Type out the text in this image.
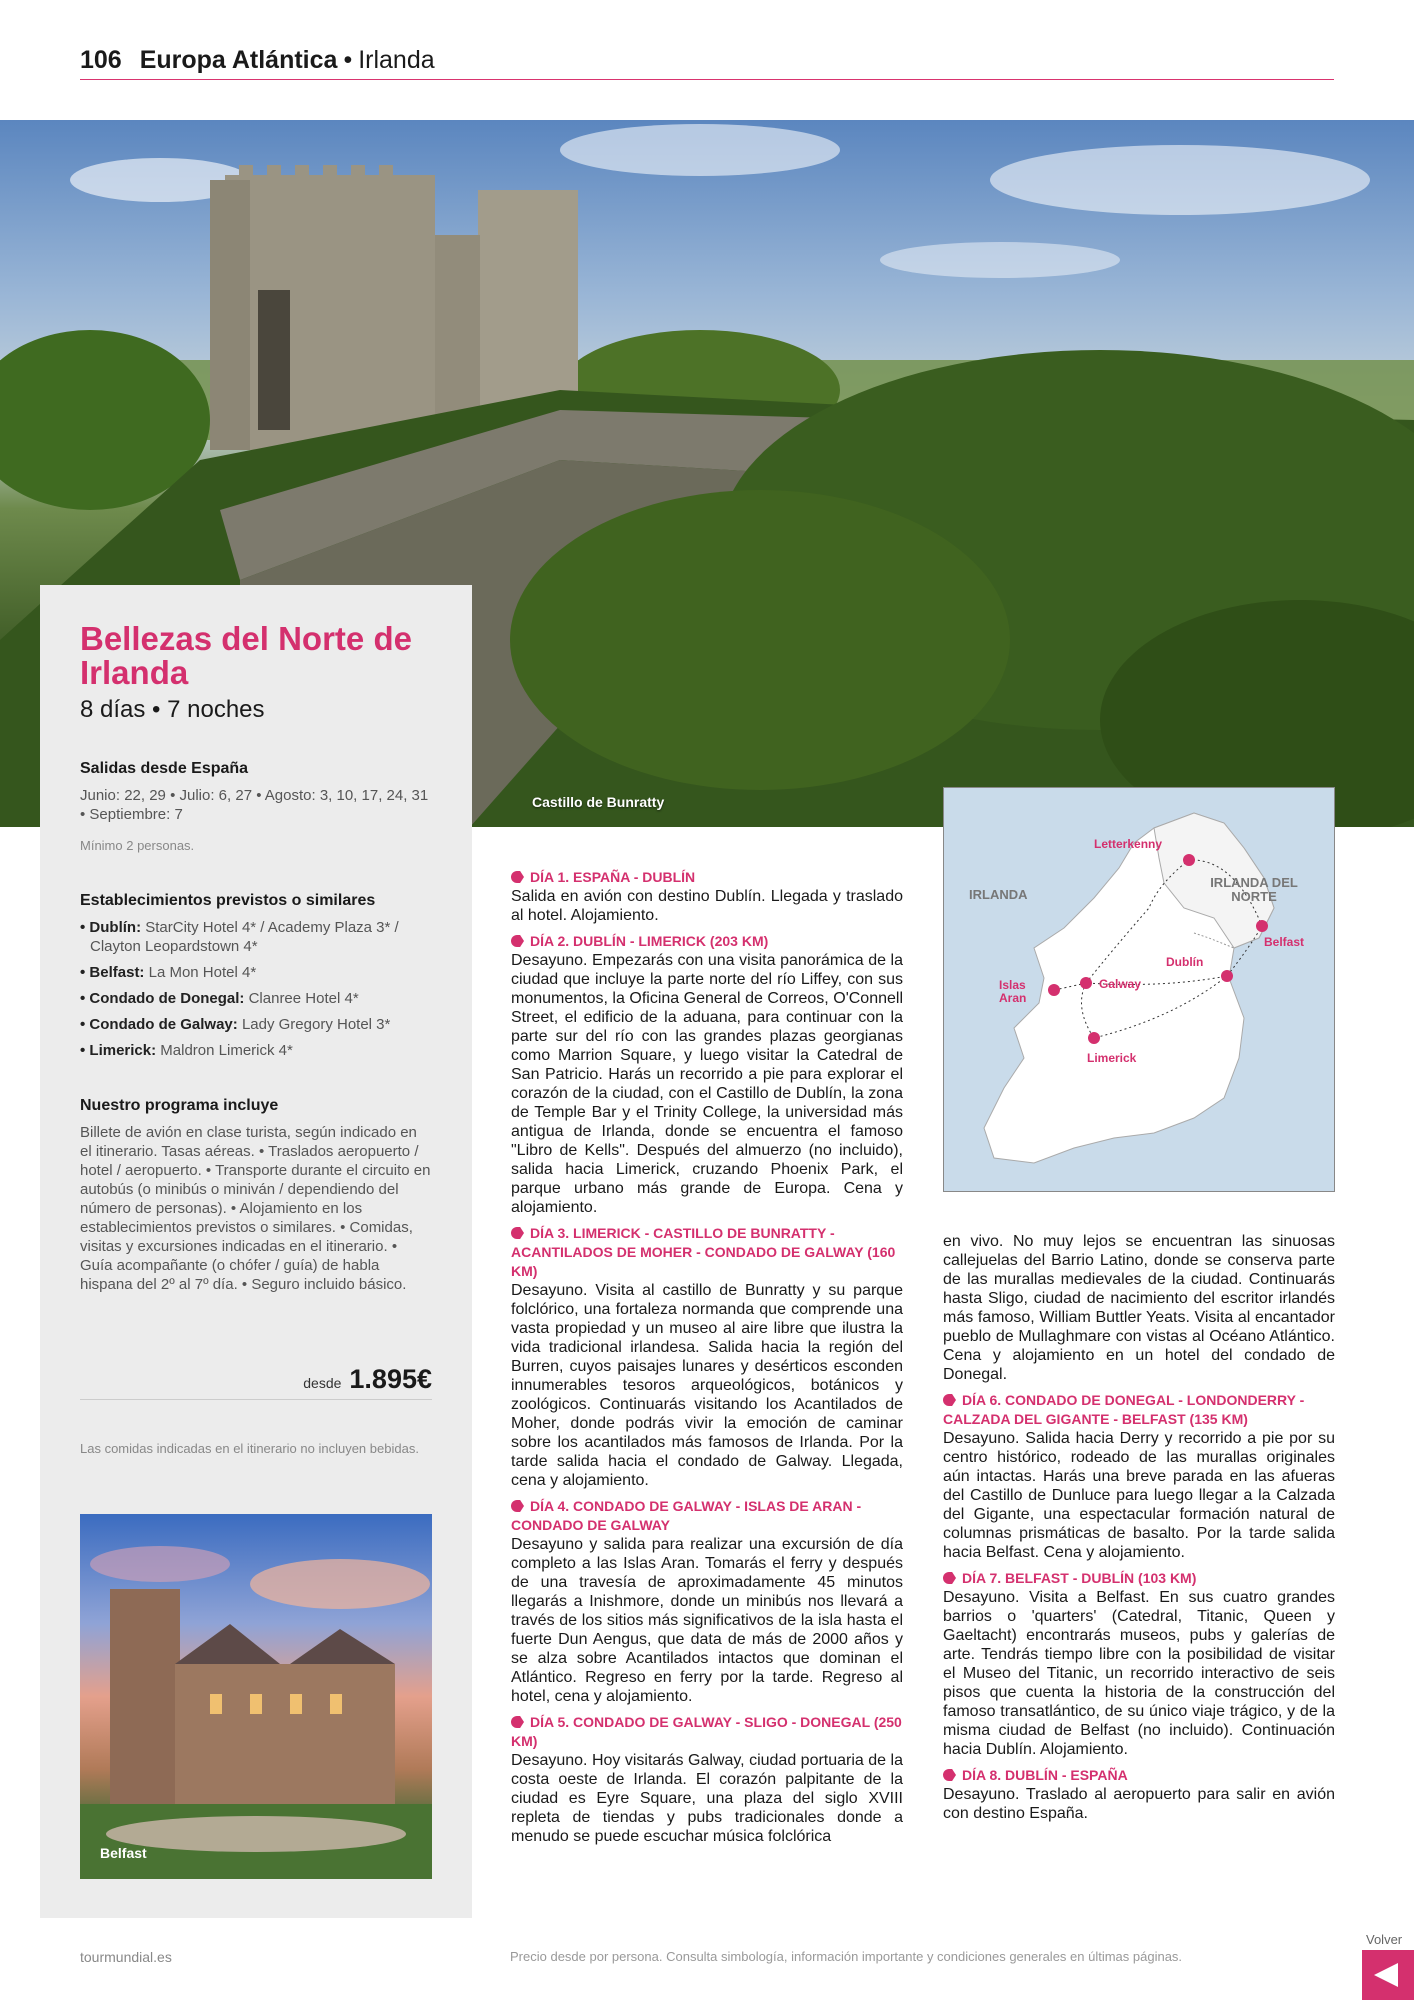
106 Europa Atlántica • Irlanda
Bellezas del Norte de Irlanda
8 días • 7 noches
Salidas desde España
Junio: 22, 29 • Julio: 6, 27 • Agosto: 3, 10, 17, 24, 31 • Septiembre: 7
Mínimo 2 personas.
Establecimientos previstos o similares
• Dublín: StarCity Hotel 4* / Academy Plaza 3* / Clayton Leopardstown 4*
• Belfast: La Mon Hotel 4*
• Condado de Donegal: Clanree Hotel 4*
• Condado de Galway: Lady Gregory Hotel 3*
• Limerick: Maldron Limerick 4*
Nuestro programa incluye
Billete de avión en clase turista, según indicado en el itinerario. Tasas aéreas. • Traslados aeropuerto / hotel / aeropuerto. • Transporte durante el circuito en autobús (o minibús o miniván / dependiendo del número de personas). • Alojamiento en los establecimientos previstos o similares. • Comidas, visitas y excursiones indicadas en el itinerario. • Guía acompañante (o chófer / guía) de habla hispana del 2º al 7º día. • Seguro incluido básico.
desde 1.895€
Las comidas indicadas en el itinerario no incluyen bebidas.
Belfast
Castillo de Bunratty
DÍA 1. ESPAÑA - DUBLÍN
Salida en avión con destino Dublín. Llegada y traslado al hotel. Alojamiento.
DÍA 2. DUBLÍN - LIMERICK (203 KM)
Desayuno. Empezarás con una visita panorámica de la ciudad que incluye la parte norte del río Liffey, con sus monumentos, la Oficina General de Correos, O'Connell Street, el edificio de la aduana, para continuar con la parte sur del río con las grandes plazas georgianas como Marrion Square, y luego visitar la Catedral de San Patricio. Harás un recorrido a pie para explorar el corazón de la ciudad, con el Castillo de Dublín, la zona de Temple Bar y el Trinity College, la universidad más antigua de Irlanda, donde se encuentra el famoso "Libro de Kells". Después del almuerzo (no incluido), salida hacia Limerick, cruzando Phoenix Park, el parque urbano más grande de Europa. Cena y alojamiento.
DÍA 3. LIMERICK - CASTILLO DE BUNRATTY - ACANTILADOS DE MOHER - CONDADO DE GALWAY (160 KM)
Desayuno. Visita al castillo de Bunratty y su parque folclórico, una fortaleza normanda que comprende una vasta propiedad y un museo al aire libre que ilustra la vida tradicional irlandesa. Salida hacia la región del Burren, cuyos paisajes lunares y desérticos esconden innumerables tesoros arqueológicos, botánicos y zoológicos. Continuarás visitando los Acantilados de Moher, donde podrás vivir la emoción de caminar sobre los acantilados más famosos de Irlanda. Por la tarde salida hacia el condado de Galway. Llegada, cena y alojamiento.
DÍA 4. CONDADO DE GALWAY - ISLAS DE ARAN - CONDADO DE GALWAY
Desayuno y salida para realizar una excursión de día completo a las Islas Aran. Tomarás el ferry y después de una travesía de aproximadamente 45 minutos llegarás a Inishmore, donde un minibús nos llevará a través de los sitios más significativos de la isla hasta el fuerte Dun Aengus, que data de más de 2000 años y se alza sobre Acantilados intactos que dominan el Atlántico. Regreso en ferry por la tarde. Regreso al hotel, cena y alojamiento.
DÍA 5. CONDADO DE GALWAY - SLIGO - DONEGAL (250 KM)
Desayuno. Hoy visitarás Galway, ciudad portuaria de la costa oeste de Irlanda. El corazón palpitante de la ciudad es Eyre Square, una plaza del siglo XVIII repleta de tiendas y pubs tradicionales donde a menudo se puede escuchar música folclórica
IRLANDA
IRLANDA DEL NORTE
Letterkenny
Belfast
Dublín
Galway
Islas Aran
Limerick
en vivo. No muy lejos se encuentran las sinuosas callejuelas del Barrio Latino, donde se conserva parte de las murallas medievales de la ciudad. Continuarás hasta Sligo, ciudad de nacimiento del escritor irlandés más famoso, William Buttler Yeats. Visita al encantador pueblo de Mullaghmare con vistas al Océano Atlántico. Cena y alojamiento en un hotel del condado de Donegal.
DÍA 6. CONDADO DE DONEGAL - LONDONDERRY - CALZADA DEL GIGANTE - BELFAST (135 KM)
Desayuno. Salida hacia Derry y recorrido a pie por su centro histórico, rodeado de las murallas originales aún intactas. Harás una breve parada en las afueras del Castillo de Dunluce para luego llegar a la Calzada del Gigante, una espectacular formación natural de columnas prismáticas de basalto. Por la tarde salida hacia Belfast. Cena y alojamiento.
DÍA 7. BELFAST - DUBLÍN (103 KM)
Desayuno. Visita a Belfast. En sus cuatro grandes barrios o 'quarters' (Catedral, Titanic, Queen y Gaeltacht) encontrarás museos, pubs y galerías de arte. Tendrás tiempo libre con la posibilidad de visitar el Museo del Titanic, un recorrido interactivo de seis pisos que cuenta la historia de la construcción del famoso transatlántico, de su único viaje trágico, y de la misma ciudad de Belfast (no incluido). Continuación hacia Dublín. Alojamiento.
DÍA 8. DUBLÍN - ESPAÑA
Desayuno. Traslado al aeropuerto para salir en avión con destino España.
tourmundial.es	Precio desde por persona. Consulta simbología, información importante y condiciones generales en últimas páginas.
Volver
